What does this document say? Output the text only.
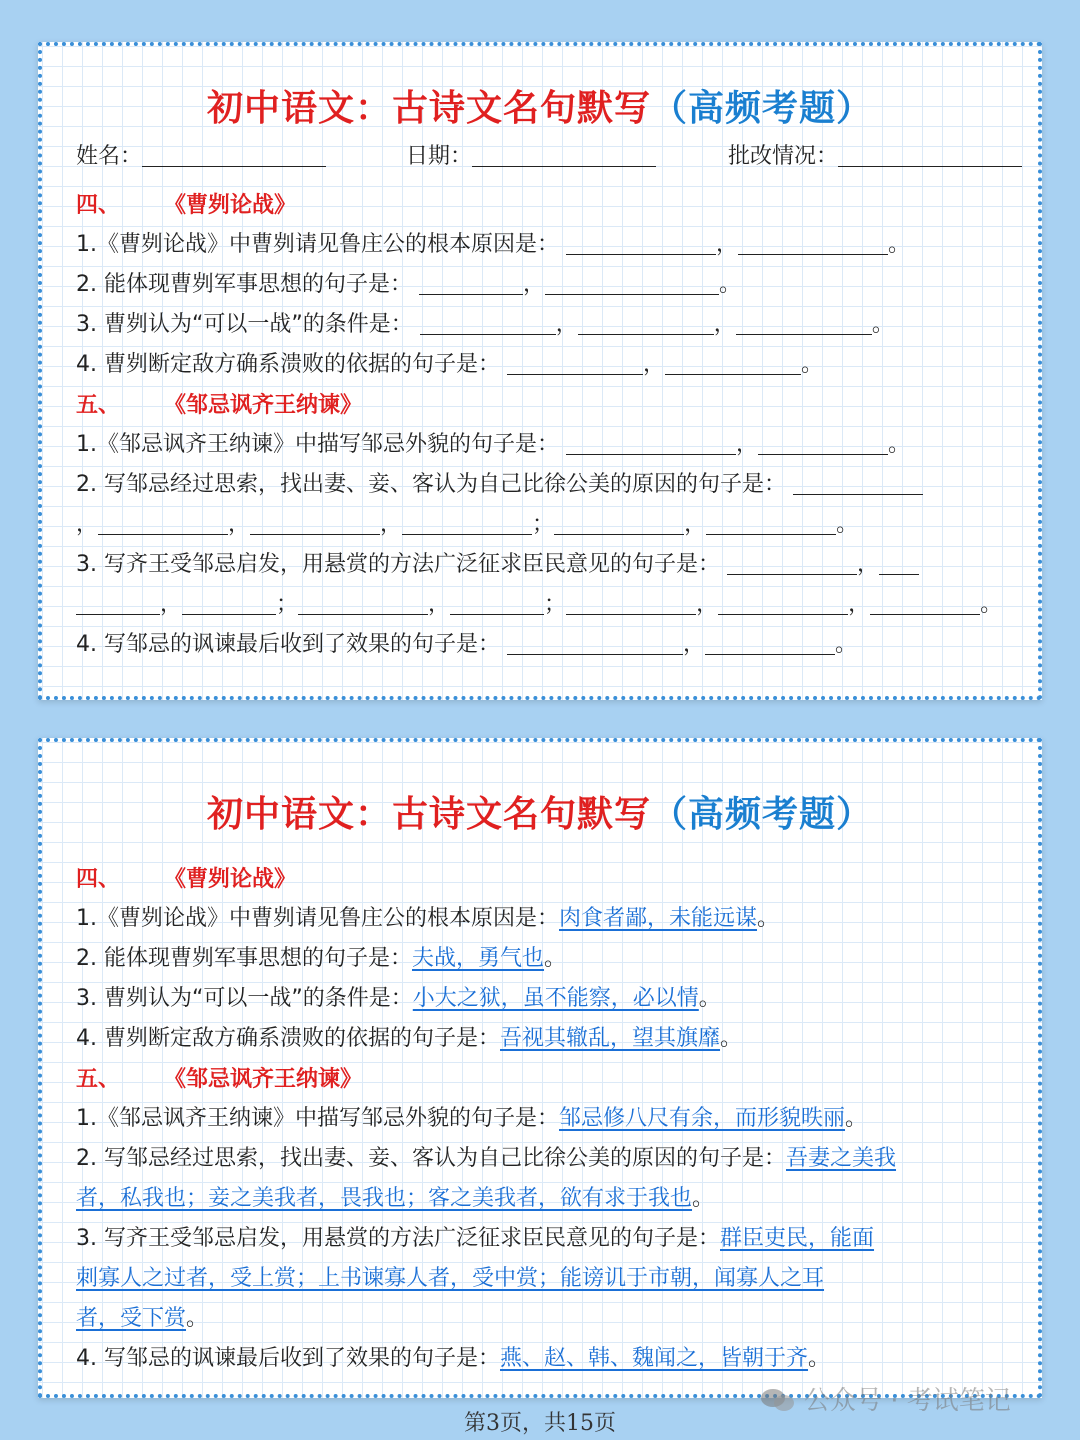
初中语文：古诗文名句默写（高频考题）
姓名：	日期：	批改情况：
四、 《曹刿论战》
1.《曹刿论战》中曹刿请见鲁庄公的根本原因是：	，	。
2. 能体现曹刿军事思想的句子是：	，	。
3. 曹刿认为“可以一战”的条件是：	，	，	。
4. 曹刿断定敌方确系溃败的依据的句子是：	，	。
五、 《邹忌讽齐王纳谏》
1.《邹忌讽齐王纳谏》中描写邹忌外貌的句子是：	，	。
2. 写邹忌经过思索，找出妻、妾、客认为自己比徐公美的原因的句子是：
，	，	，	；	，	。
3. 写齐王受邹忌启发，用悬赏的方法广泛征求臣民意见的句子是：	，
，	；	，	；	，	，	。
4. 写邹忌的讽谏最后收到了效果的句子是：	，	。
初中语文：古诗文名句默写（高频考题）
四、 《曹刿论战》
1.《曹刿论战》中曹刿请见鲁庄公的根本原因是：肉食者鄙，未能远谋。
2. 能体现曹刿军事思想的句子是：夫战，勇气也。
3. 曹刿认为“可以一战”的条件是：小大之狱，虽不能察，必以情。
4. 曹刿断定敌方确系溃败的依据的句子是：吾视其辙乱，望其旗靡。
五、 《邹忌讽齐王纳谏》
1.《邹忌讽齐王纳谏》中描写邹忌外貌的句子是：邹忌修八尺有余，而形貌昳丽。
2. 写邹忌经过思索，找出妻、妾、客认为自己比徐公美的原因的句子是：吾妻之美我
者，私我也；妾之美我者，畏我也；客之美我者，欲有求于我也。
3. 写齐王受邹忌启发，用悬赏的方法广泛征求臣民意见的句子是：群臣吏民，能面
刺寡人之过者，受上赏；上书谏寡人者，受中赏；能谤讥于市朝，闻寡人之耳
者，受下赏。
4. 写邹忌的讽谏最后收到了效果的句子是：燕、赵、韩、魏闻之，皆朝于齐。
公众号 · 考试笔记
第3页，共15页
